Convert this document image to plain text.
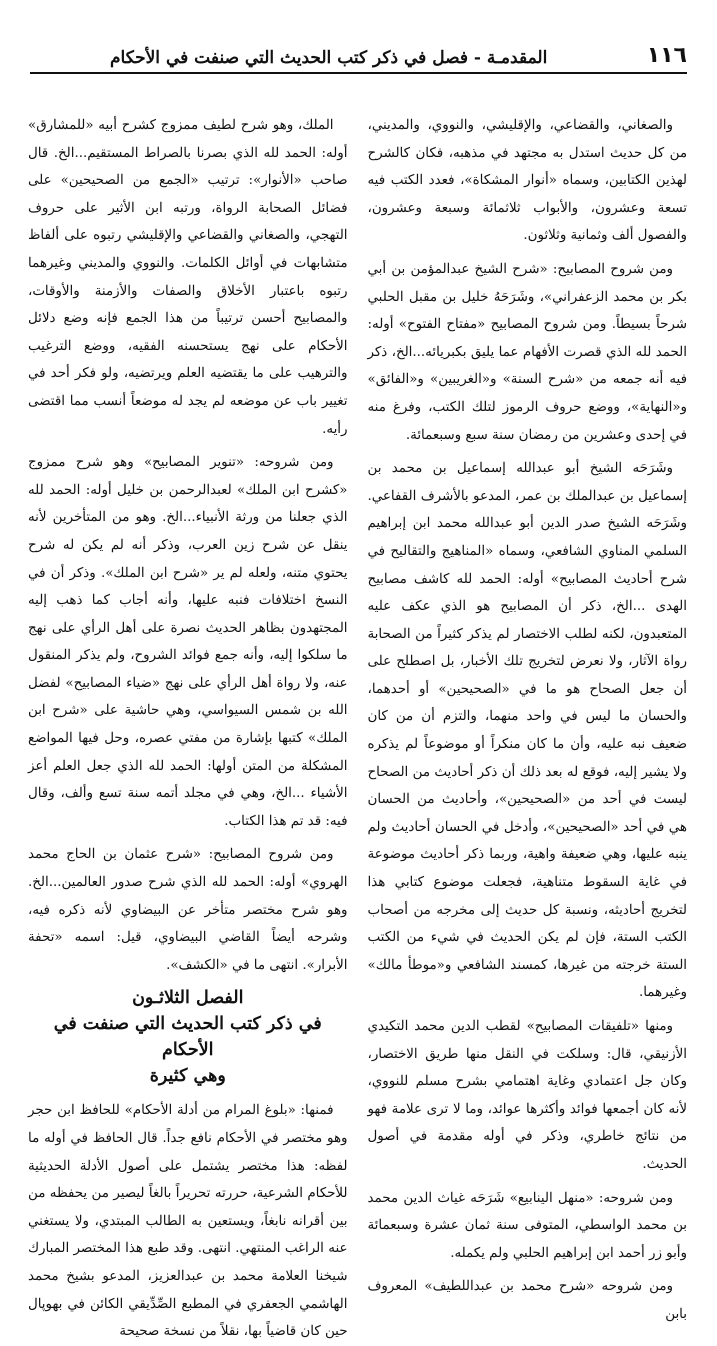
١١٦
المقدمـة - فصل في ذكر كتب الحديث التي صنفت في الأحكام

والصغاني، والقضاعي، والإقليشي، والنووي، والمديني، من كل حديث استدل به مجتهد في مذهبه، فكان كالشرح لهذين الكتابين، وسماه «أنوار المشكاة»، فعدد الكتب فيه تسعة وعشرون، والأبواب ثلاثمائة وسبعة وعشرون، والفصول ألف وثمانية وثلاثون.

ومن شروح المصابيح: «شرح الشيخ عبدالمؤمن بن أبي بكر بن محمد الزعفراني»، وشَرَحَهُ خليل بن مقبل الحلبي شرحاً بسيطاً. ومن شروح المصابيح «مفتاح الفتوح» أوله: الحمد لله الذي قصرت الأفهام عما يليق بكبريائه...الخ، ذكر فيه أنه جمعه من «شرح السنة» و«الغريبين» و«الفائق» و«النهاية»، ووضع حروف الرموز لتلك الكتب، وفرغ منه في إحدى وعشرين من رمضان سنة سبع وسبعمائة.

وشَرَحَه الشيخ أبو عبدالله إسماعيل بن محمد بن إسماعيل بن عبدالملك بن عمر، المدعو بالأشرف القفاعي. وشَرَحَه الشيخ صدر الدين أبو عبدالله محمد ابن إبراهيم السلمي المناوي الشافعي، وسماه «المناهيج والتقاليح في شرح أحاديث المصابيح» أوله: الحمد لله كاشف مصابيح الهدى ...الخ، ذكر أن المصابيح هو الذي عكف عليه المتعبدون، لكنه لطلب الاختصار لم يذكر كثيراً من الصحابة رواة الآثار، ولا نعرض لتخريج تلك الأخبار، بل اصطلح على أن جعل الصحاح هو ما في «الصحيحين» أو أحدهما، والحسان ما ليس في واحد منهما، والتزم أن من كان ضعيف نبه عليه، وأن ما كان منكراً أو موضوعاً لم يذكره ولا يشير إليه، فوقع له بعد ذلك أن ذكر أحاديث من الصحاح ليست في أحد من «الصحيحين»، وأحاديث من الحسان هي في أحد «الصحيحين»، وأدخل في الحسان أحاديث ولم ينبه عليها، وهي ضعيفة واهية، وربما ذكر أحاديث موضوعة في غاية السقوط متناهية، فجعلت موضوع كتابي هذا لتخريج أحاديثه، ونسبة كل حديث إلى مخرجه من أصحاب الكتب الستة، فإن لم يكن الحديث في شيء من الكتب الستة خرجته من غيرها، كمسند الشافعي و«موطأ مالك» وغيرهما.

ومنها «تلفيقات المصابيح» لقطب الدين محمد التكيدي الأزنيقي، قال: وسلكت في النقل منها طريق الاختصار، وكان جل اعتمادي وغاية اهتمامي بشرح مسلم للنووي، لأنه كان أجمعها فوائد وأكثرها عوائد، وما لا ترى علامة فهو من نتائج خاطري، وذكر في أوله مقدمة في أصول الحديث.

ومن شروحه: «منهل الينابيع» شَرَحَه غياث الدين محمد بن محمد الواسطي، المتوفى سنة ثمان عشرة وسبعمائة وأبو زر أحمد ابن إبراهيم الحلبي ولم يكمله.

ومن شروحه «شرح محمد بن عبداللطيف» المعروف بابن

الملك، وهو شرح لطيف ممزوج كشرح أبيه «للمشارق» أوله: الحمد لله الذي بصرنا بالصراط المستقيم...الخ. قال صاحب «الأنوار»: ترتيب «الجمع من الصحيحين» على فضائل الصحابة الرواة، ورتبه ابن الأثير على حروف التهجي، والصغاني والقضاعي والإقليشي رتبوه على ألفاظ متشابهات في أوائل الكلمات. والنووي والمديني وغيرهما رتبوه باعتبار الأخلاق والصفات والأزمنة والأوقات، والمصابيح أحسن ترتيباً من هذا الجمع فإنه وضع دلائل الأحكام على نهج يستحسنه الفقيه، ووضع الترغيب والترهيب على ما يقتضيه العلم ويرتضيه، ولو فكر أحد في تغيير باب عن موضعه لم يجد له موضعاً أنسب مما اقتضى رأيه.

ومن شروحه: «تنوير المصابيح» وهو شرح ممزوج «كشرح ابن الملك» لعبدالرحمن بن خليل أوله: الحمد لله الذي جعلنا من ورثة الأنبياء...الخ. وهو من المتأخرين لأنه ينقل عن شرح زين العرب، وذكر أنه لم يكن له شرح يحتوي متنه، ولعله لم ير «شرح ابن الملك». وذكر أن في النسخ اختلافات فنبه عليها، وأنه أجاب كما ذهب إليه المجتهدون بظاهر الحديث نصرة على أهل الرأي على نهج ما سلكوا إليه، وأنه جمع فوائد الشروح، ولم يذكر المنقول عنه، ولا رواة أهل الرأي على نهج «ضياء المصابيح» لفضل الله بن شمس السيواسي، وهي حاشية على «شرح ابن الملك» كتبها بإشارة من مفتي عصره، وحل فيها المواضع المشكلة من المتن أولها: الحمد لله الذي جعل العلم أعز الأشياء ...الخ، وهي في مجلد أتمه سنة تسع وألف، وقال فيه: قد تم هذا الكتاب.

ومن شروح المصابيح: «شرح عثمان بن الحاج محمد الهروي» أوله: الحمد لله الذي شرح صدور العالمين...الخ. وهو شرح مختصر متأخر عن البيضاوي لأنه ذكره فيه، وشرحه أيضاً القاضي البيضاوي، قيل: اسمه «تحفة الأبرار». انتهى ما في «الكشف».

الفصل الثلاثـون
في ذكر كتب الحديث التي صنفت في الأحكام
وهي كثيرة

فمنها: «بلوغ المرام من أدلة الأحكام» للحافظ ابن حجر وهو مختصر في الأحكام نافع جداً. قال الحافظ في أوله ما لفظه: هذا مختصر يشتمل على أصول الأدلة الحديثية للأحكام الشرعية، حررته تحريراً بالغاً ليصير من يحفظه من بين أقرانه نابغاً، ويستعين به الطالب المبتدي، ولا يستغني عنه الراغب المنتهي. انتهى. وقد طبع هذا المختصر المبارك شيخنا العلامة محمد بن عبدالعزيز، المدعو بشيخ محمد الهاشمي الجعفري في المطبع الصِّدِّيقي الكائن في بهوپال حين كان قاضياً بها، نقلاً من نسخة صحيحة
